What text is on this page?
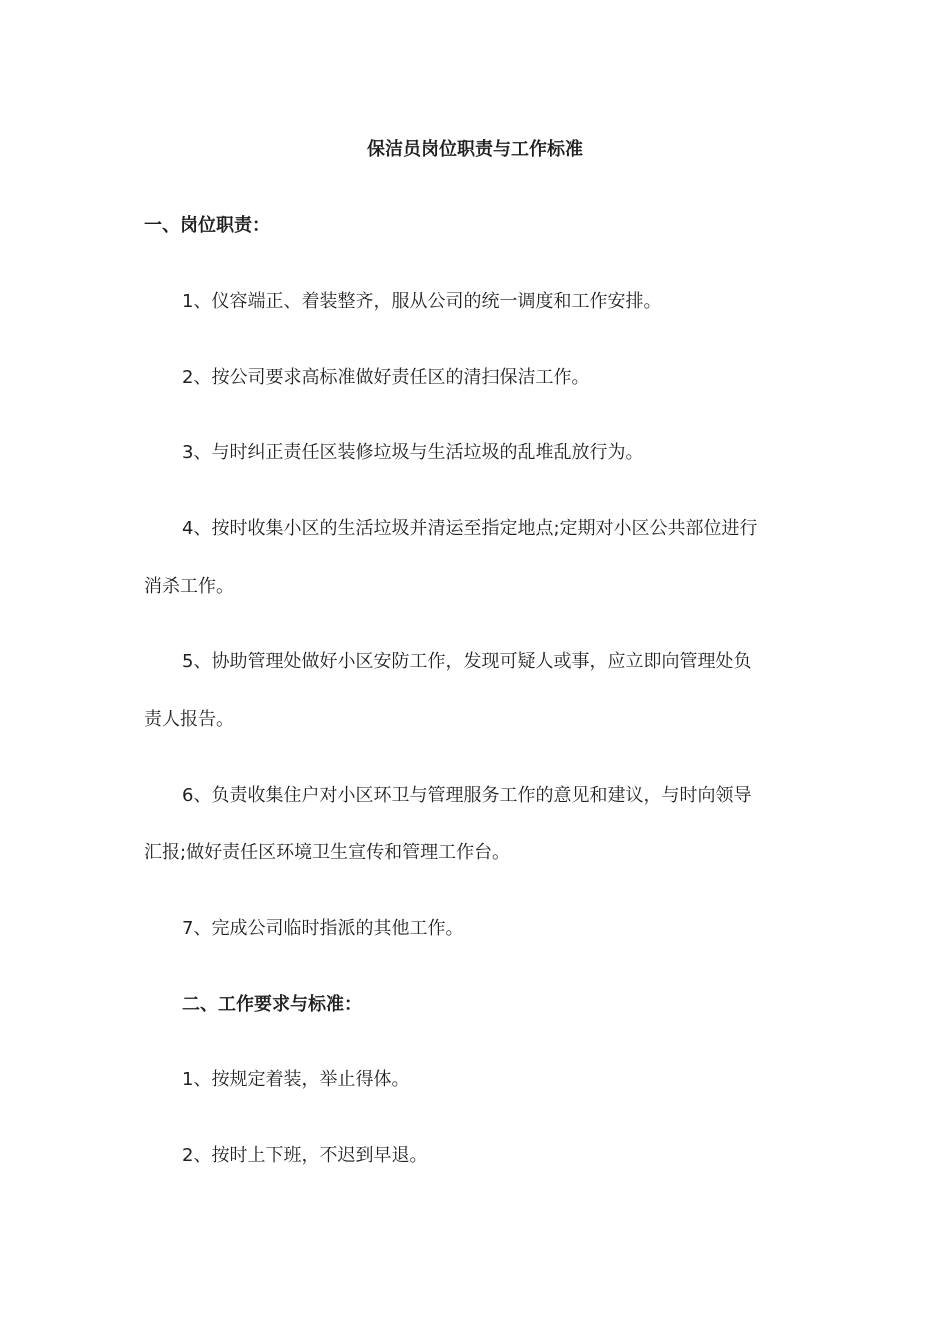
保洁员岗位职责与工作标准

一、岗位职责：

1、仪容端正、着装整齐，服从公司的统一调度和工作安排。

2、按公司要求高标准做好责任区的清扫保洁工作。

3、与时纠正责任区装修垃圾与生活垃圾的乱堆乱放行为。

4、按时收集小区的生活垃圾并清运至指定地点;定期对小区公共部位进行

消杀工作。

5、协助管理处做好小区安防工作，发现可疑人或事，应立即向管理处负

责人报告。

6、负责收集住户对小区环卫与管理服务工作的意见和建议，与时向领导

汇报;做好责任区环境卫生宣传和管理工作台。

7、完成公司临时指派的其他工作。

二、工作要求与标准：

1、按规定着装，举止得体。

2、按时上下班，不迟到早退。
